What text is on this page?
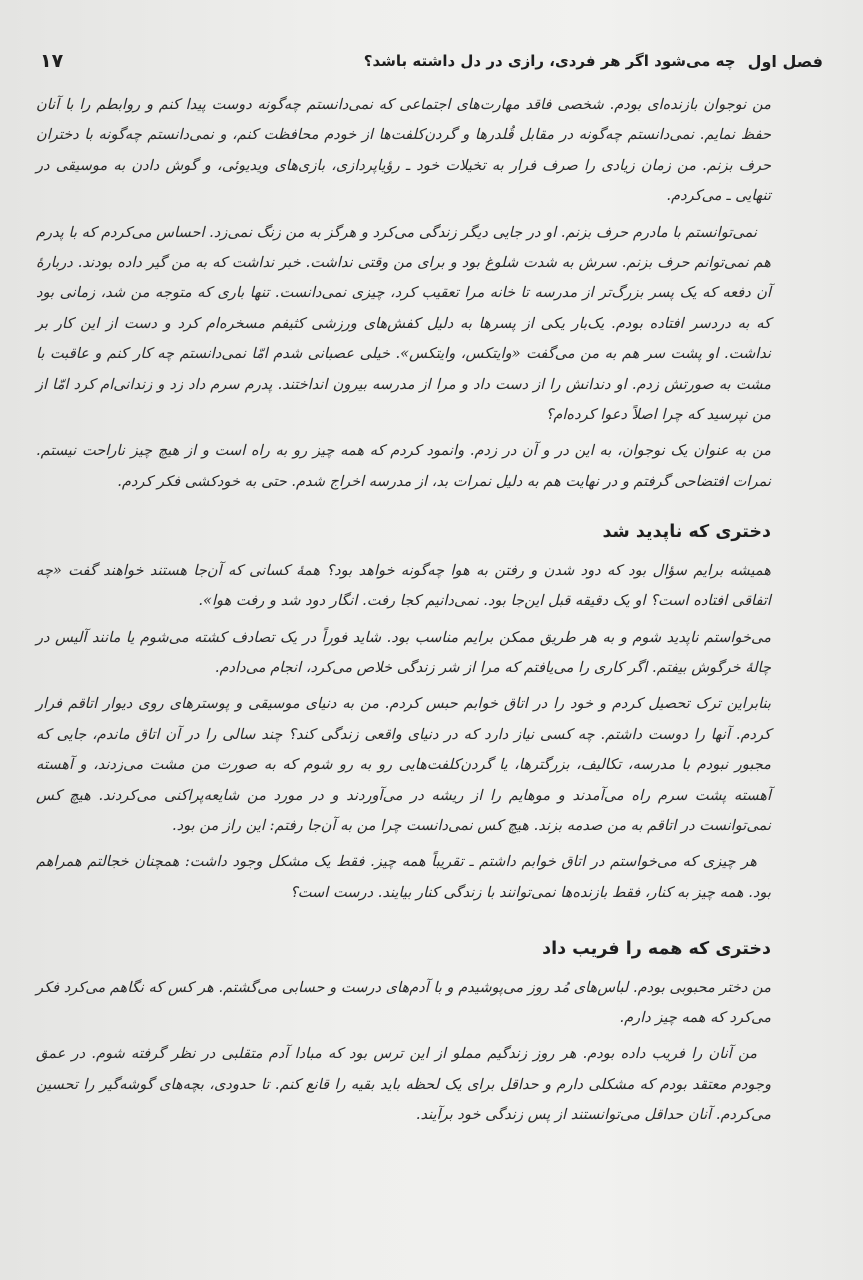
فصل اول
چه می‌شود اگر هر فردی، رازی در دل داشته باشد؟
۱۷

من نوجوان بازنده‌ای بودم. شخصی فاقد مهارت‌های اجتماعی که نمی‌دانستم چه‌گونه دوست پیدا کنم و روابطم را با آنان حفظ نمایم. نمی‌دانستم چه‌گونه در مقابل قُلدرها و گردن‌کلفت‌ها از خودم محافظت کنم، و نمی‌دانستم چه‌گونه با دختران حرف بزنم. من زمان زیادی را صرف فرار به تخیلات خود ـ رؤیاپردازی، بازی‌های ویدیوئی، و گوش دادن به موسیقی در تنهایی ـ می‌کردم.

نمی‌توانستم با مادرم حرف بزنم. او در جایی دیگر زندگی می‌کرد و هرگز به من زنگ نمی‌زد. احساس می‌کردم که با پدرم هم نمی‌توانم حرف بزنم. سرش به شدت شلوغ بود و برای من وقتی نداشت. خبر نداشت که به من گیر داده بودند. دربارهٔ آن دفعه که یک پسر بزرگ‌تر از مدرسه تا خانه مرا تعقیب کرد، چیزی نمی‌دانست. تنها باری که متوجه من شد، زمانی بود که به دردسر افتاده بودم. یک‌بار یکی از پسرها به دلیل کفش‌های ورزشی کثیفم مسخره‌ام کرد و دست از این کار بر نداشت. او پشت سر هم به من می‌گفت «وایتکس، وایتکس». خیلی عصبانی شدم امّا نمی‌دانستم چه کار کنم و عاقبت با مشت به صورتش زدم. او دندانش را از دست داد و مرا از مدرسه بیرون انداختند. پدرم سرم داد زد و زندانی‌ام کرد امّا از من نپرسید که چرا اصلاً دعوا کرده‌ام؟

من به عنوان یک نوجوان، به این در و آن در زدم. وانمود کردم که همه چیز رو به راه است و از هیچ چیز ناراحت نیستم. نمرات افتضاحی گرفتم و در نهایت هم به دلیل نمرات بد، از مدرسه اخراج شدم. حتی به خودکشی فکر کردم.

دختری که ناپدید شد

همیشه برایم سؤال بود که دود شدن و رفتن به هوا چه‌گونه خواهد بود؟ همهٔ کسانی که آن‌جا هستند خواهند گفت «چه اتفاقی افتاده است؟ او یک دقیقه قبل این‌جا بود. نمی‌دانیم کجا رفت. انگار دود شد و رفت هوا».

می‌خواستم ناپدید شوم و به هر طریق ممکن برایم مناسب بود. شاید فوراً در یک تصادف کشته می‌شوم یا مانند آلیس در چالهٔ خرگوش بیفتم. اگر کاری را می‌یافتم که مرا از شر زندگی خلاص می‌کرد، انجام می‌دادم.

بنابراین ترک تحصیل کردم و خود را در اتاق خوابم حبس کردم. من به دنیای موسیقی و پوسترهای روی دیوار اتاقم فرار کردم. آنها را دوست داشتم. چه کسی نیاز دارد که در دنیای واقعی زندگی کند؟ چند سالی را در آن اتاق ماندم، جایی که مجبور نبودم با مدرسه، تکالیف، بزرگترها، یا گردن‌کلفت‌هایی رو به رو شوم که به صورت من مشت می‌زدند، و آهسته آهسته پشت سرم راه می‌آمدند و موهایم را از ریشه در می‌آوردند و در مورد من شایعه‌پراکنی می‌کردند. هیچ کس نمی‌توانست در اتاقم به من صدمه بزند. هیچ کس نمی‌دانست چرا من به آن‌جا رفتم: این راز من بود.

هر چیزی که می‌خواستم در اتاق خوابم داشتم ـ تقریباً همه چیز. فقط یک مشکل وجود داشت: همچنان خجالتم همراهم بود. همه چیز به کنار، فقط بازنده‌ها نمی‌توانند با زندگی کنار بیایند. درست است؟

دختری که همه را فریب داد

من دختر محبوبی بودم. لباس‌های مُد روز می‌پوشیدم و با آدم‌های درست و حسابی می‌گشتم. هر کس که نگاهم می‌کرد فکر می‌کرد که همه چیز دارم.

من آنان را فریب داده بودم. هر روز زندگیم مملو از این ترس بود که مبادا آدم متقلبی در نظر گرفته شوم. در عمق وجودم معتقد بودم که مشکلی دارم و حداقل برای یک لحظه باید بقیه را قانع کنم. تا حدودی، بچه‌های گوشه‌گیر را تحسین می‌کردم. آنان حداقل می‌توانستند از پس زندگی خود برآیند.
